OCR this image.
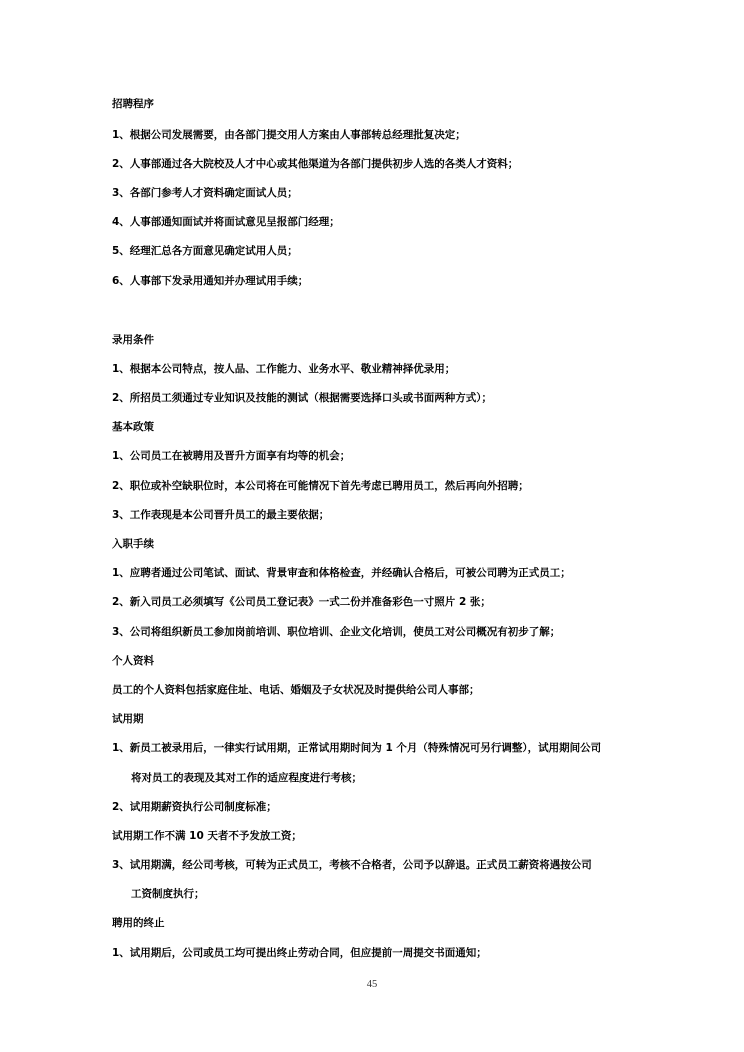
招聘程序
1、根据公司发展需要，由各部门提交用人方案由人事部转总经理批复决定；
2、人事部通过各大院校及人才中心或其他渠道为各部门提供初步人选的各类人才资料；
3、各部门参考人才资料确定面试人员；
4、人事部通知面试并将面试意见呈报部门经理；
5、经理汇总各方面意见确定试用人员；
6、人事部下发录用通知并办理试用手续；
录用条件
1、根据本公司特点，按人品、工作能力、业务水平、敬业精神择优录用；
2、所招员工须通过专业知识及技能的测试（根据需要选择口头或书面两种方式）；
基本政策
1、公司员工在被聘用及晋升方面享有均等的机会；
2、职位或补空缺职位时，本公司将在可能情况下首先考虑已聘用员工，然后再向外招聘；
3、工作表现是本公司晋升员工的最主要依据；
入职手续
1、应聘者通过公司笔试、面试、背景审查和体格检查，并经确认合格后，可被公司聘为正式员工；
2、新入司员工必须填写《公司员工登记表》一式二份并准备彩色一寸照片 2 张；
3、公司将组织新员工参加岗前培训、职位培训、企业文化培训，使员工对公司概况有初步了解；
个人资料
员工的个人资料包括家庭住址、电话、婚姻及子女状况及时提供给公司人事部；
试用期
1、新员工被录用后，一律实行试用期，正常试用期时间为 1 个月（特殊情况可另行调整），试用期间公司
将对员工的表现及其对工作的适应程度进行考核；
2、试用期薪资执行公司制度标准；
试用期工作不满 10 天者不予发放工资；
3、试用期满，经公司考核，可转为正式员工，考核不合格者，公司予以辞退。正式员工薪资将遇按公司
工资制度执行；
聘用的终止
1、试用期后，公司或员工均可提出终止劳动合同，但应提前一周提交书面通知；
45
